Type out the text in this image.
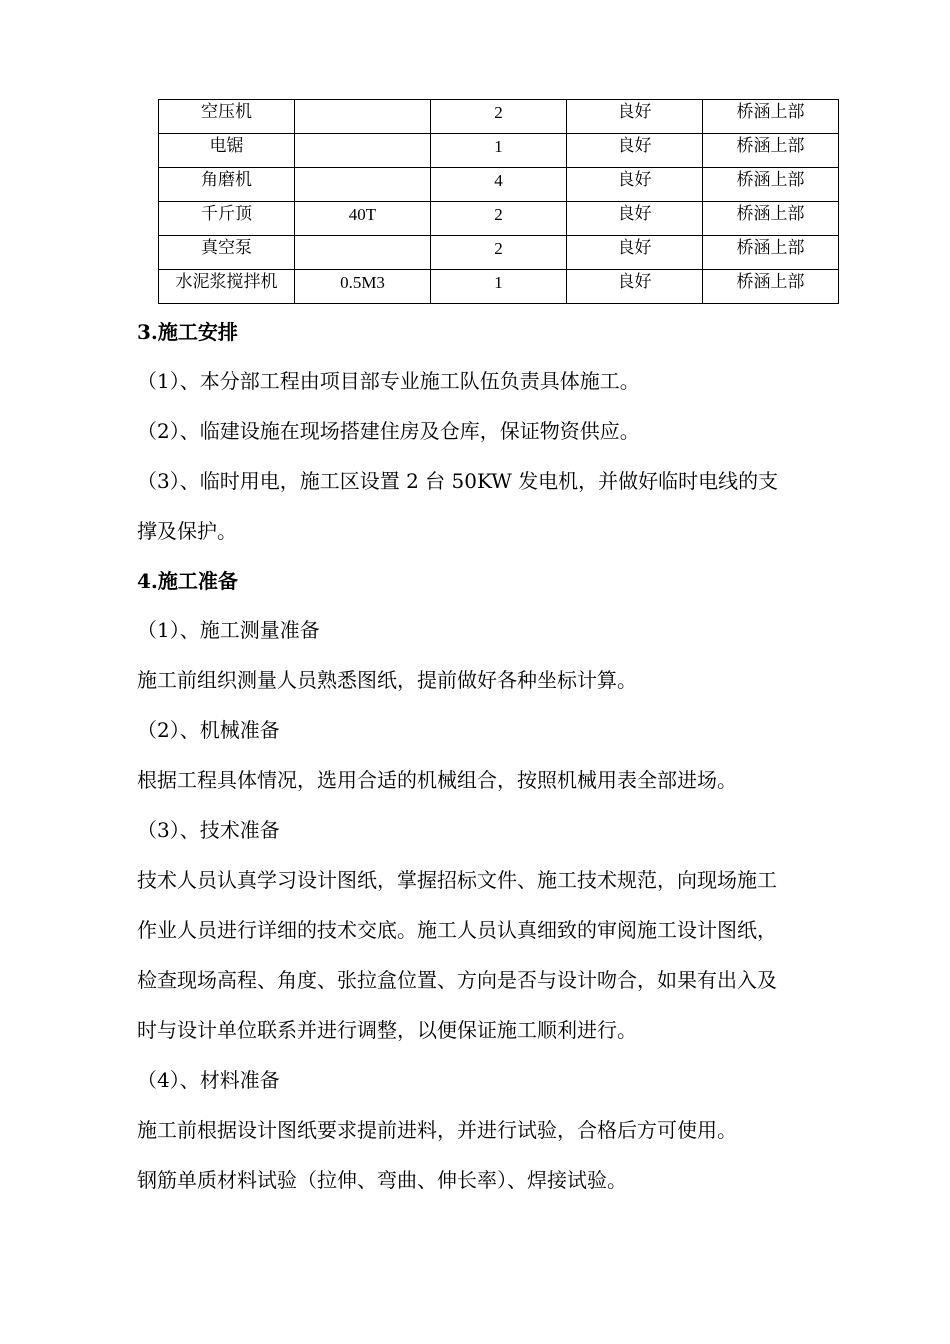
空压机		2	良好	桥涵上部
电锯		1	良好	桥涵上部
角磨机		4	良好	桥涵上部
千斤顶	40T	2	良好	桥涵上部
真空泵		2	良好	桥涵上部
水泥浆搅拌机	0.5M3	1	良好	桥涵上部
3.施工安排
（1）、本分部工程由项目部专业施工队伍负责具体施工。
（2）、临建设施在现场搭建住房及仓库，保证物资供应。
（3）、临时用电，施工区设置 2 台 50KW 发电机，并做好临时电线的支
撑及保护。
4.施工准备
（1）、施工测量准备
施工前组织测量人员熟悉图纸，提前做好各种坐标计算。
（2）、机械准备
根据工程具体情况，选用合适的机械组合，按照机械用表全部进场。
（3）、技术准备
技术人员认真学习设计图纸，掌握招标文件、施工技术规范，向现场施工
作业人员进行详细的技术交底。施工人员认真细致的审阅施工设计图纸，
检查现场高程、角度、张拉盒位置、方向是否与设计吻合，如果有出入及
时与设计单位联系并进行调整，以便保证施工顺利进行。
（4）、材料准备
施工前根据设计图纸要求提前进料，并进行试验，合格后方可使用。
钢筋单质材料试验（拉伸、弯曲、伸长率）、焊接试验。
